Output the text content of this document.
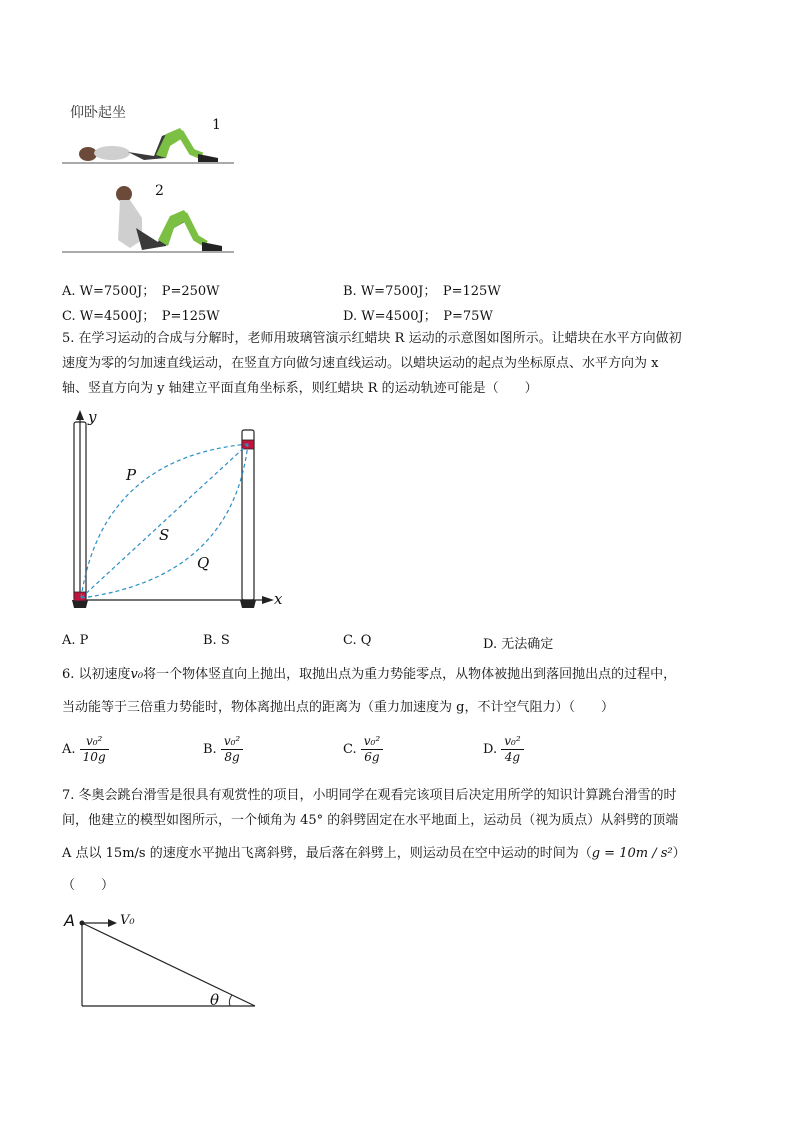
仰卧起坐
1
2
A. W=7500J；　P=250W	B. W=7500J；　P=125W
C. W=4500J；　P=125W	D. W=4500J；　P=75W
5. 在学习运动的合成与分解时，老师用玻璃管演示红蜡块 R 运动的示意图如图所示。让蜡块在水平方向做初
速度为零的匀加速直线运动，在竖直方向做匀速直线运动。以蜡块运动的起点为坐标原点、水平方向为 x
轴、竖直方向为 y 轴建立平面直角坐标系，则红蜡块 R 的运动轨迹可能是（　　）
y
x
P
S
Q
A. P	B. S	C. Q	D. 无法确定
6. 以初速度v₀将一个物体竖直向上抛出，取抛出点为重力势能零点，从物体被抛出到落回抛出点的过程中，
当动能等于三倍重力势能时，物体离抛出点的距离为（重力加速度为 g，不计空气阻力）（　　）
A. $\frac{\text{v₀²}}{10g}$	B. $\frac{\text{v₀²}}{8g}$	C. $\frac{\text{v₀²}}{6g}$	D. $\frac{\text{v₀²}}{4g}$
7. 冬奥会跳台滑雪是很具有观赏性的项目，小明同学在观看完该项目后决定用所学的知识计算跳台滑雪的时
间，他建立的模型如图所示，一个倾角为 45° 的斜劈固定在水平地面上，运动员（视为质点）从斜劈的顶端
A 点以 15m/s 的速度水平抛出飞离斜劈，最后落在斜劈上，则运动员在空中运动的时间为（g = 10m / s²）
（　　）
A	V₀
θ
